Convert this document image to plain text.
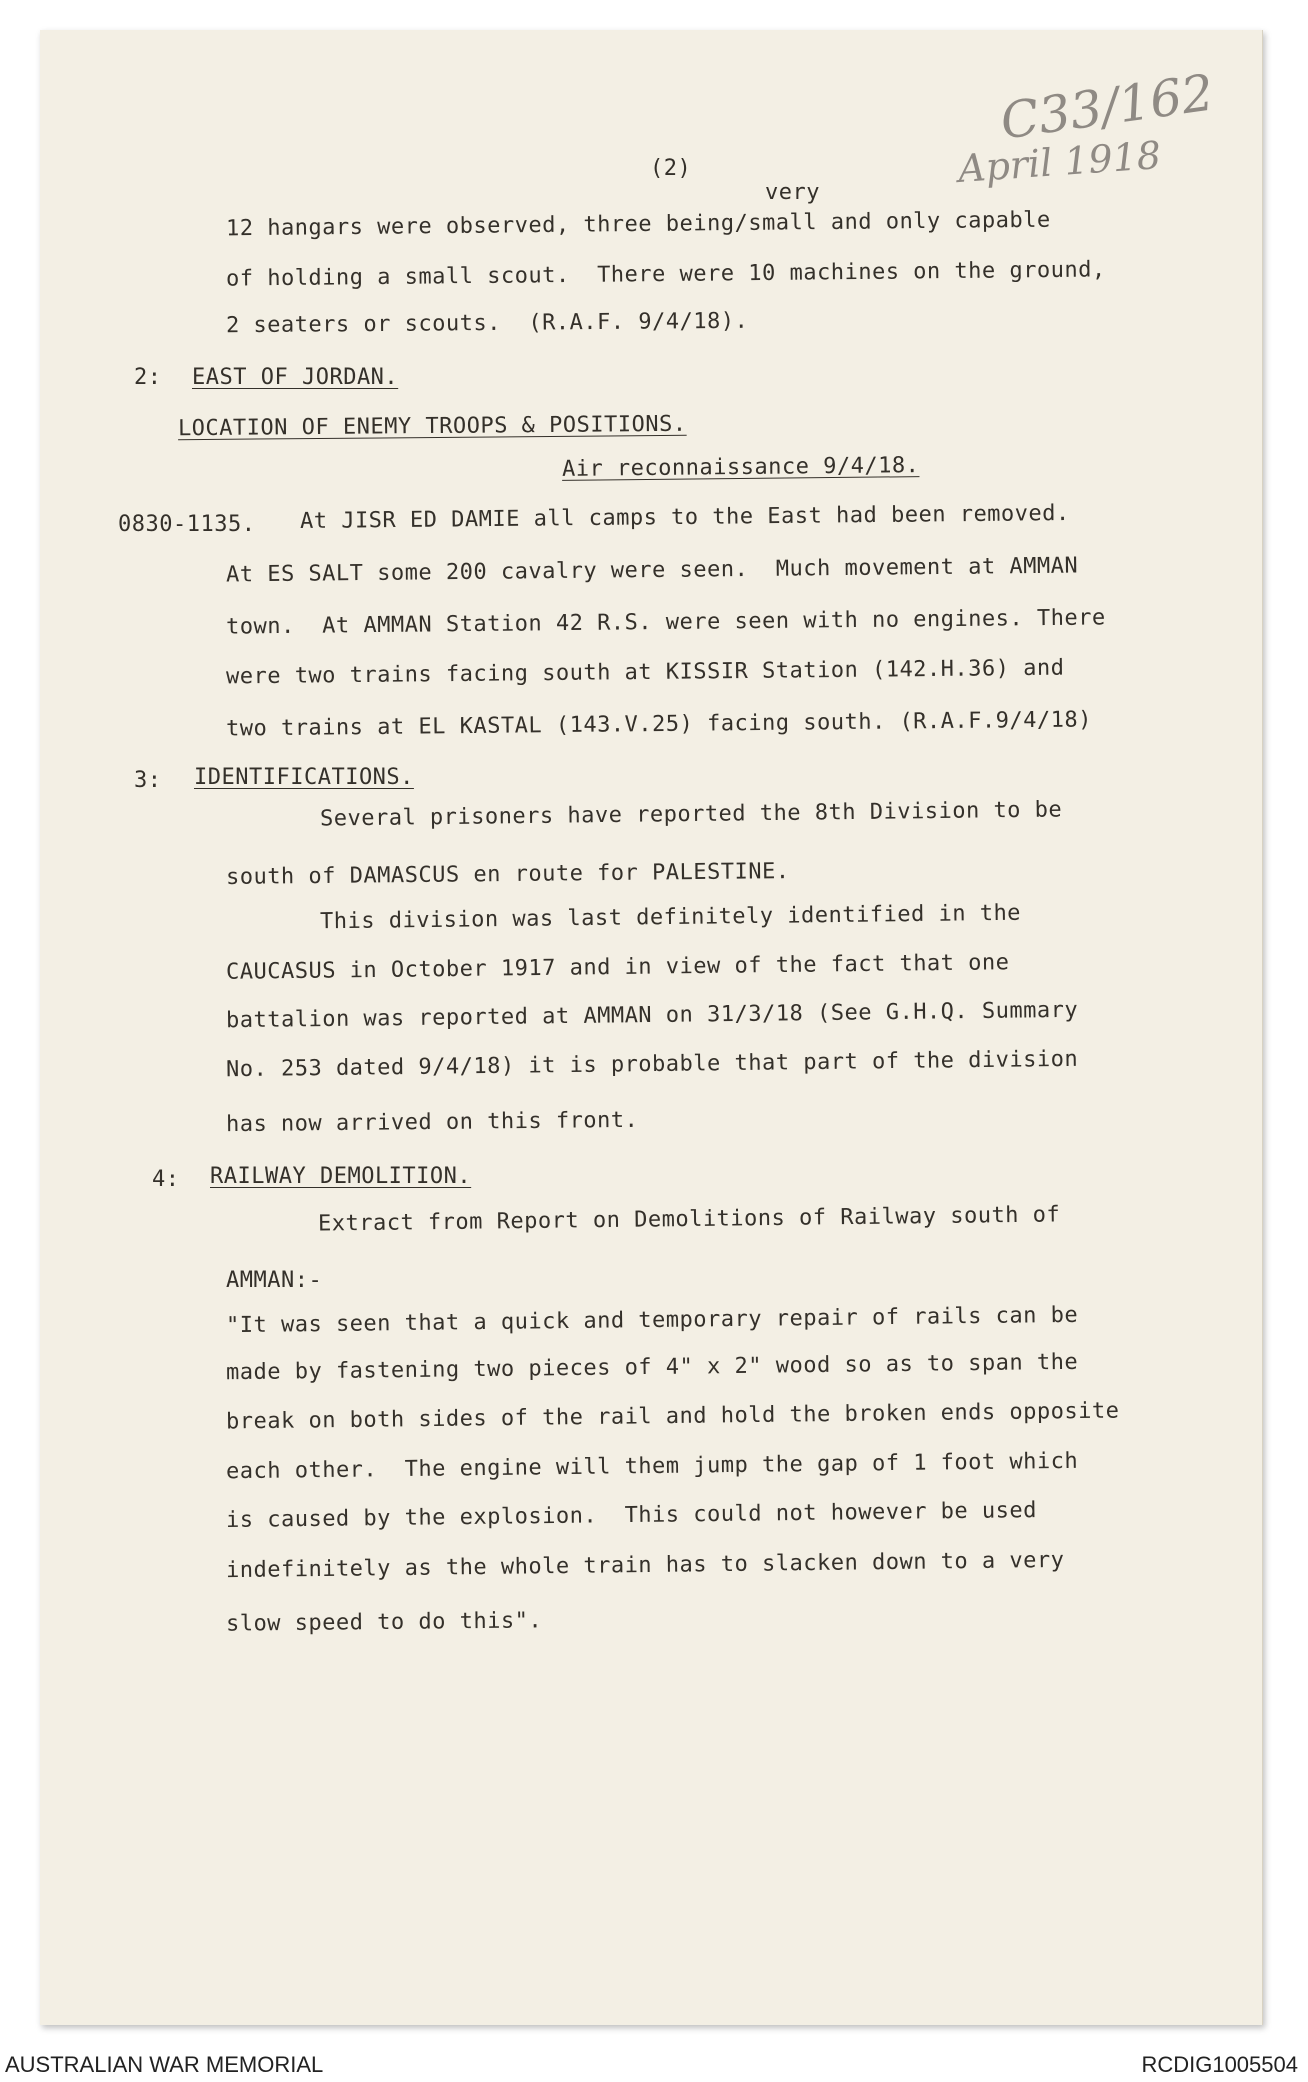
C33/162
April 1918
(2)
very
12 hangars were observed, three being/small and only capable
of holding a small scout.  There were 10 machines on the ground,
2 seaters or scouts.  (R.A.F. 9/4/18).
2: EAST OF JORDAN.
LOCATION OF ENEMY TROOPS & POSITIONS.
Air reconnaissance 9/4/18.
0830-1135. At JISR ED DAMIE all camps to the East had been removed.
At ES SALT some 200 cavalry were seen.  Much movement at AMMAN
town.  At AMMAN Station 42 R.S. were seen with no engines. There
were two trains facing south at KISSIR Station (142.H.36) and
two trains at EL KASTAL (143.V.25) facing south. (R.A.F.9/4/18)
3: IDENTIFICATIONS.
Several prisoners have reported the 8th Division to be
south of DAMASCUS en route for PALESTINE.
This division was last definitely identified in the
CAUCASUS in October 1917 and in view of the fact that one
battalion was reported at AMMAN on 31/3/18 (See G.H.Q. Summary
No. 253 dated 9/4/18) it is probable that part of the division
has now arrived on this front.
4: RAILWAY DEMOLITION.
Extract from Report on Demolitions of Railway south of
AMMAN:-
"It was seen that a quick and temporary repair of rails can be
made by fastening two pieces of 4" x 2" wood so as to span the
break on both sides of the rail and hold the broken ends opposite
each other.  The engine will them jump the gap of 1 foot which
is caused by the explosion.  This could not however be used
indefinitely as the whole train has to slacken down to a very
slow speed to do this".
AUSTRALIAN WAR MEMORIAL	RCDIG1005504
